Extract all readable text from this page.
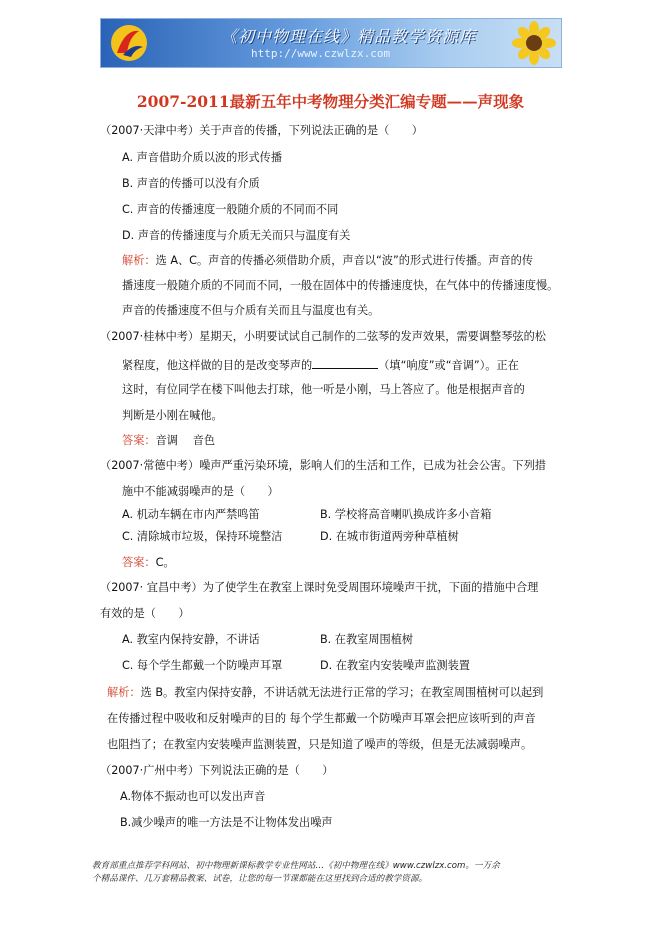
《初中物理在线》精品教学资源库
http://www.czwlzx.com
2007-2011最新五年中考物理分类汇编专题——声现象
（2007·天津中考）关于声音的传播，下列说法正确的是（　　）
A. 声音借助介质以波的形式传播
B. 声音的传播可以没有介质
C. 声音的传播速度一般随介质的不同而不同
D. 声音的传播速度与介质无关而只与温度有关
解析：选 A、C。声音的传播必须借助介质，声音以“波”的形式进行传播。声音的传
播速度一般随介质的不同而不同，一般在固体中的传播速度快，在气体中的传播速度慢。
声音的传播速度不但与介质有关而且与温度也有关。
（2007·桂林中考）星期天，小明要试试自己制作的二弦琴的发声效果，需要调整琴弦的松
紧程度，他这样做的目的是改变琴声的	（填“响度”或“音调”）。正在
这时，有位同学在楼下叫他去打球，他一听是小刚，马上答应了。他是根据声音的
判断是小刚在喊他。
答案：音调　 音色
（2007·常德中考）噪声严重污染环境，影响人们的生活和工作，已成为社会公害。下列措
施中不能减弱噪声的是（　　）
A. 机动车辆在市内严禁鸣笛	B. 学校将高音喇叭换成许多小音箱
C. 清除城市垃圾，保持环境整洁	D. 在城市街道两旁种草植树
答案：C。
（2007· 宜昌中考）为了使学生在教室上课时免受周围环境噪声干扰，下面的措施中合理
有效的是（　　）
A. 教室内保持安静，不讲话	B. 在教室周围植树
C. 每个学生都戴一个防噪声耳罩	D. 在教室内安装噪声监测装置
解析：选 B。教室内保持安静，不讲话就无法进行正常的学习；在教室周围植树可以起到
在传播过程中吸收和反射噪声的目的 每个学生都戴一个防噪声耳罩会把应该听到的声音
也阻挡了；在教室内安装噪声监测装置，只是知道了噪声的等级，但是无法减弱噪声。
（2007·广州中考）下列说法正确的是（　　）
A.物体不振动也可以发出声音
B.减少噪声的唯一方法是不让物体发出噪声
教育部重点推荐学科网站、初中物理新课标教学专业性网站…《初中物理在线》www.czwlzx.com。一万余
个精品课件、几万套精品教案、试卷，让您的每一节课都能在这里找到合适的教学资源。
